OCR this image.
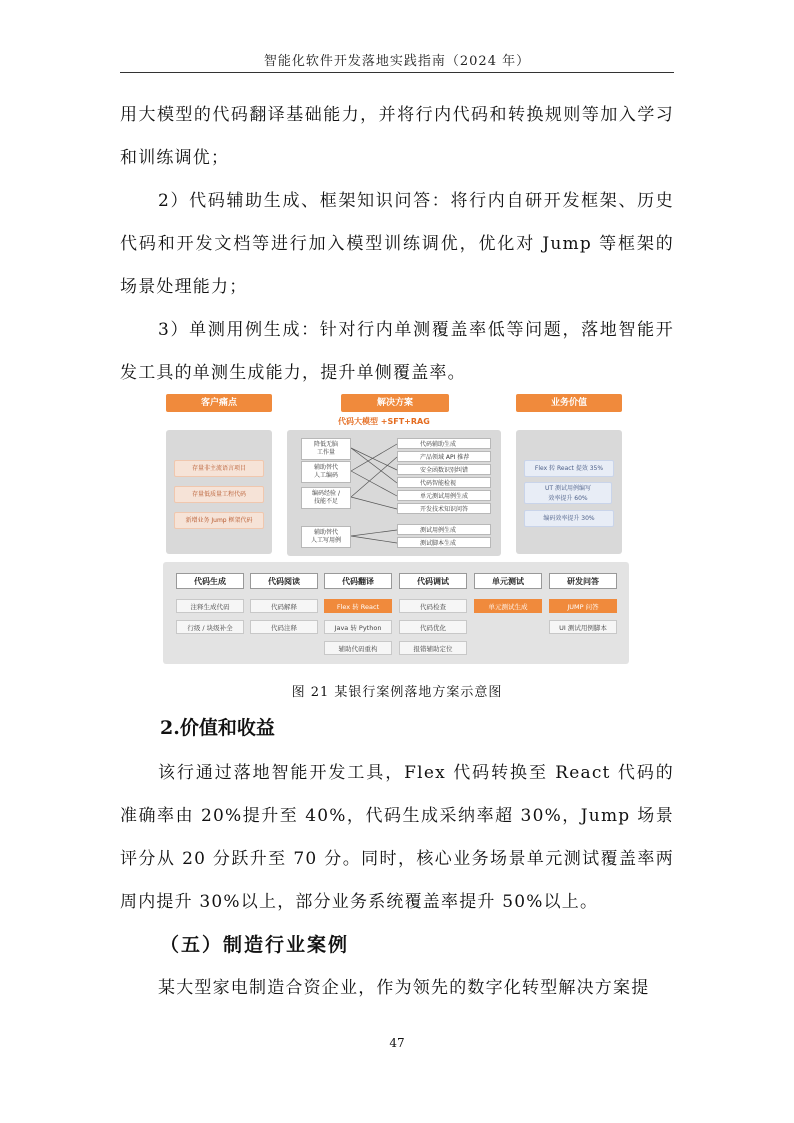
智能化软件开发落地实践指南（2024 年）

用大模型的代码翻译基础能力，并将行内代码和转换规则等加入学习和训练调优；

2）代码辅助生成、框架知识问答：将行内自研开发框架、历史代码和开发文档等进行加入模型训练调优，优化对 Jump 等框架的场景处理能力；

3）单测用例生成：针对行内单测覆盖率低等问题，落地智能开发工具的单测生成能力，提升单侧覆盖率。

客户痛点	解决方案	业务价值
代码大模型 +SFT+RAG
存量非主流语言项目
存量低质量工程代码
新增业务 Jump 框架代码
降低无脑
工作量
辅助替代
人工编码
编码经验 /
技能不足
辅助替代
人工写用例
代码辅助生成
产品领域 API 推荐
安全函数识别纠错
代码智能检视
单元测试用例生成
开发技术知识问答
测试用例生成
测试脚本生成
Flex 转 React 提效 35%
UT 测试用例编写
效率提升 60%
编码效率提升 30%
代码生成
注释生成代码
行级 / 块级补全
代码阅读
代码解释
代码注释
代码翻译
Flex 转 React
Java 转 Python
辅助代码重构
代码调试
代码检查
代码优化
报错辅助定位
单元测试
单元测试生成
研发问答
JUMP 问答
UI 测试用例脚本
图 21 某银行案例落地方案示意图
2.价值和收益

该行通过落地智能开发工具，Flex 代码转换至 React 代码的准确率由 20%提升至 40%，代码生成采纳率超 30%，Jump 场景评分从 20 分跃升至 70 分。同时，核心业务场景单元测试覆盖率两周内提升 30%以上，部分业务系统覆盖率提升 50%以上。

（五）制造行业案例

某大型家电制造合资企业，作为领先的数字化转型解决方案提

47
